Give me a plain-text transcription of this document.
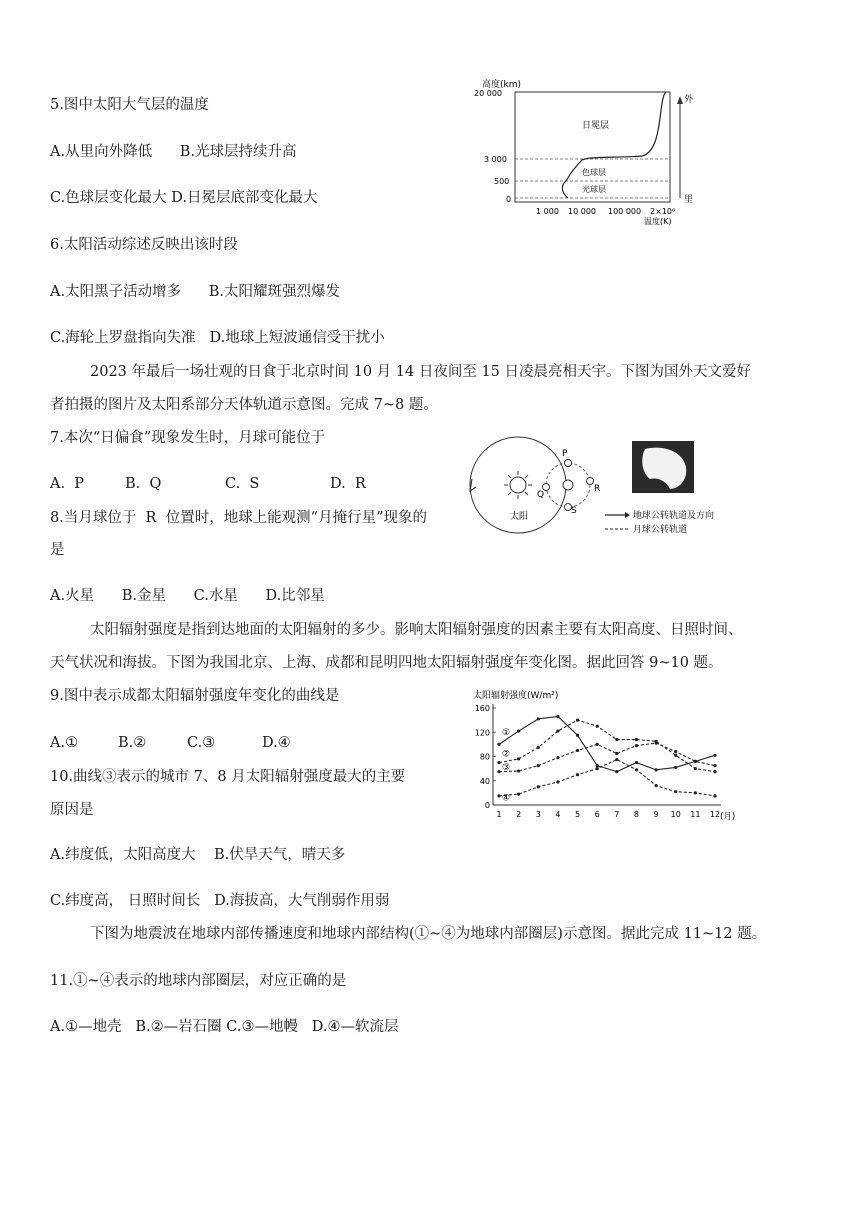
5.图中太阳大气层的温度
A.从里向外降低      B.光球层持续升高
C.色球层变化最大 D.日冕层底部变化最大
6.太阳活动综述反映出该时段
A.太阳黑子活动增多      B.太阳耀斑强烈爆发
C.海轮上罗盘指向失准   D.地球上短波通信受干扰小
2023 年最后一场壮观的日食于北京时间 10 月 14 日夜间至 15 日凌晨亮相天宇。下图为国外天文爱好
者拍摄的图片及太阳系部分天体轨道示意图。完成 7~8 题。
7.本次“日偏食”现象发生时，月球可能位于
A.  P	B.  Q	C.  S	D.  R
8.当月球位于  R  位置时，地球上能观测“月掩行星”现象的
是
A.火星      B.金星      C.水星      D.比邻星
太阳辐射强度是指到达地面的太阳辐射的多少。影响太阳辐射强度的因素主要有太阳高度、日照时间、
天气状况和海拔。下图为我国北京、上海、成都和昆明四地太阳辐射强度年变化图。据此回答 9~10 题。
9.图中表示成都太阳辐射强度年变化的曲线是
A.①	B.②	C.③	D.④
10.曲线③表示的城市 7、8 月太阳辐射强度最大的主要
原因是
A.纬度低，太阳高度大    B.伏旱天气，晴天多
C.纬度高， 日照时间长   D.海拔高，大气削弱作用弱
下图为地震波在地球内部传播速度和地球内部结构(①~④为地球内部圈层)示意图。据此完成 11~12 题。
11.①~④表示的地球内部圈层，对应正确的是
A.①—地壳   B.②—岩石圈 C.③—地幔   D.④—软流层
高度(km)
20 000
3 000
500
0
日冕层
色球层
光球层
1 000 10 000 100 000 2×10⁶
温度(K)
外
里
太阳
P
Q
R
S	地球公转轨道及方向
月球公转轨道
太阳辐射强度(W/m²)
0
40
80
120
160
1 2 3 4 5 6 7 8 9 10 11 12
①
②
③
④
(月)
